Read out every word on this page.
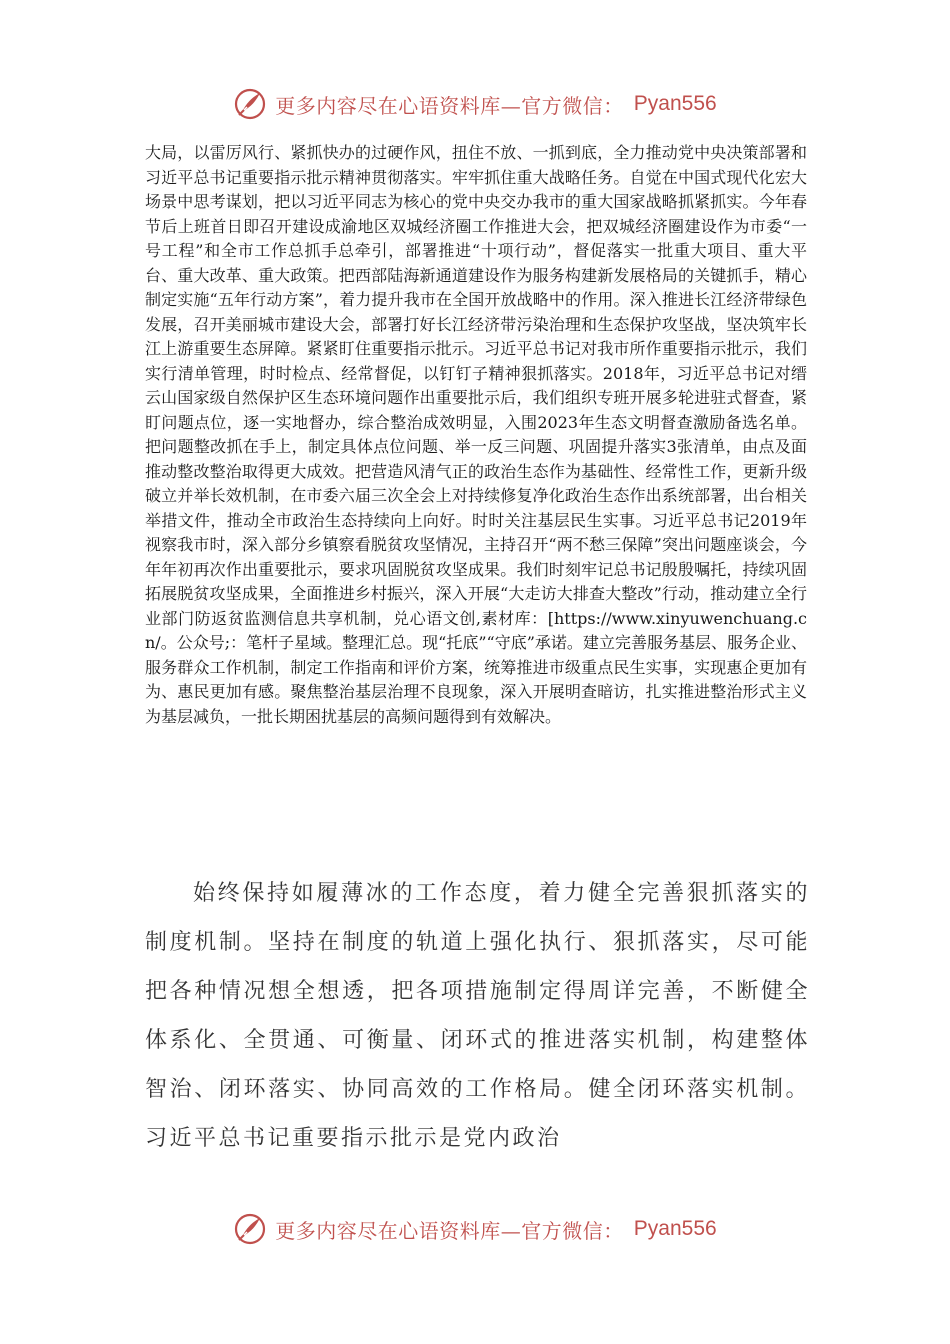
更多内容尽在心语资料库—官方微信： Pyan556

大局，以雷厉风行、紧抓快办的过硬作风，扭住不放、一抓到底，全力推动党中央决策部署和习近平总书记重要指示批示精神贯彻落实。牢牢抓住重大战略任务。自觉在中国式现代化宏大场景中思考谋划，把以习近平同志为核心的党中央交办我市的重大国家战略抓紧抓实。今年春节后上班首日即召开建设成渝地区双城经济圈工作推进大会，把双城经济圈建设作为市委“一号工程”和全市工作总抓手总牵引，部署推进“十项行动”，督促落实一批重大项目、重大平台、重大改革、重大政策。把西部陆海新通道建设作为服务构建新发展格局的关键抓手，精心制定实施“五年行动方案”，着力提升我市在全国开放战略中的作用。深入推进长江经济带绿色发展，召开美丽城市建设大会，部署打好长江经济带污染治理和生态保护攻坚战，坚决筑牢长江上游重要生态屏障。紧紧盯住重要指示批示。习近平总书记对我市所作重要指示批示，我们实行清单管理，时时检点、经常督促，以钉钉子精神狠抓落实。2018年，习近平总书记对缙云山国家级自然保护区生态环境问题作出重要批示后，我们组织专班开展多轮进驻式督查，紧盯问题点位，逐一实地督办，综合整治成效明显，入围2023年生态文明督查激励备选名单。把问题整改抓在手上，制定具体点位问题、举一反三问题、巩固提升落实3张清单，由点及面推动整改整治取得更大成效。把营造风清气正的政治生态作为基础性、经常性工作，更新升级破立并举长效机制，在市委六届三次全会上对持续修复净化政治生态作出系统部署，出台相关举措文件，推动全市政治生态持续向上向好。时时关注基层民生实事。习近平总书记2019年视察我市时，深入部分乡镇察看脱贫攻坚情况，主持召开“两不愁三保障”突出问题座谈会，今年年初再次作出重要批示，要求巩固脱贫攻坚成果。我们时刻牢记总书记殷殷嘱托，持续巩固拓展脱贫攻坚成果，全面推进乡村振兴，深入开展“大走访大排查大整改”行动，推动建立全行业部门防返贫监测信息共享机制，兑心语文创,素材库：[https://www.xinyuwenchuang.cn/。公众号;：笔杆子星域。整理汇总。现“托底”“守底”承诺。建立完善服务基层、服务企业、服务群众工作机制，制定工作指南和评价方案，统筹推进市级重点民生实事，实现惠企更加有为、惠民更加有感。聚焦整治基层治理不良现象，深入开展明查暗访，扎实推进整治形式主义为基层减负，一批长期困扰基层的高频问题得到有效解决。

始终保持如履薄冰的工作态度，着力健全完善狠抓落实的制度机制。坚持在制度的轨道上强化执行、狠抓落实，尽可能把各种情况想全想透，把各项措施制定得周详完善，不断健全体系化、全贯通、可衡量、闭环式的推进落实机制，构建整体智治、闭环落实、协同高效的工作格局。健全闭环落实机制。习近平总书记重要指示批示是党内政治

更多内容尽在心语资料库—官方微信： Pyan556
